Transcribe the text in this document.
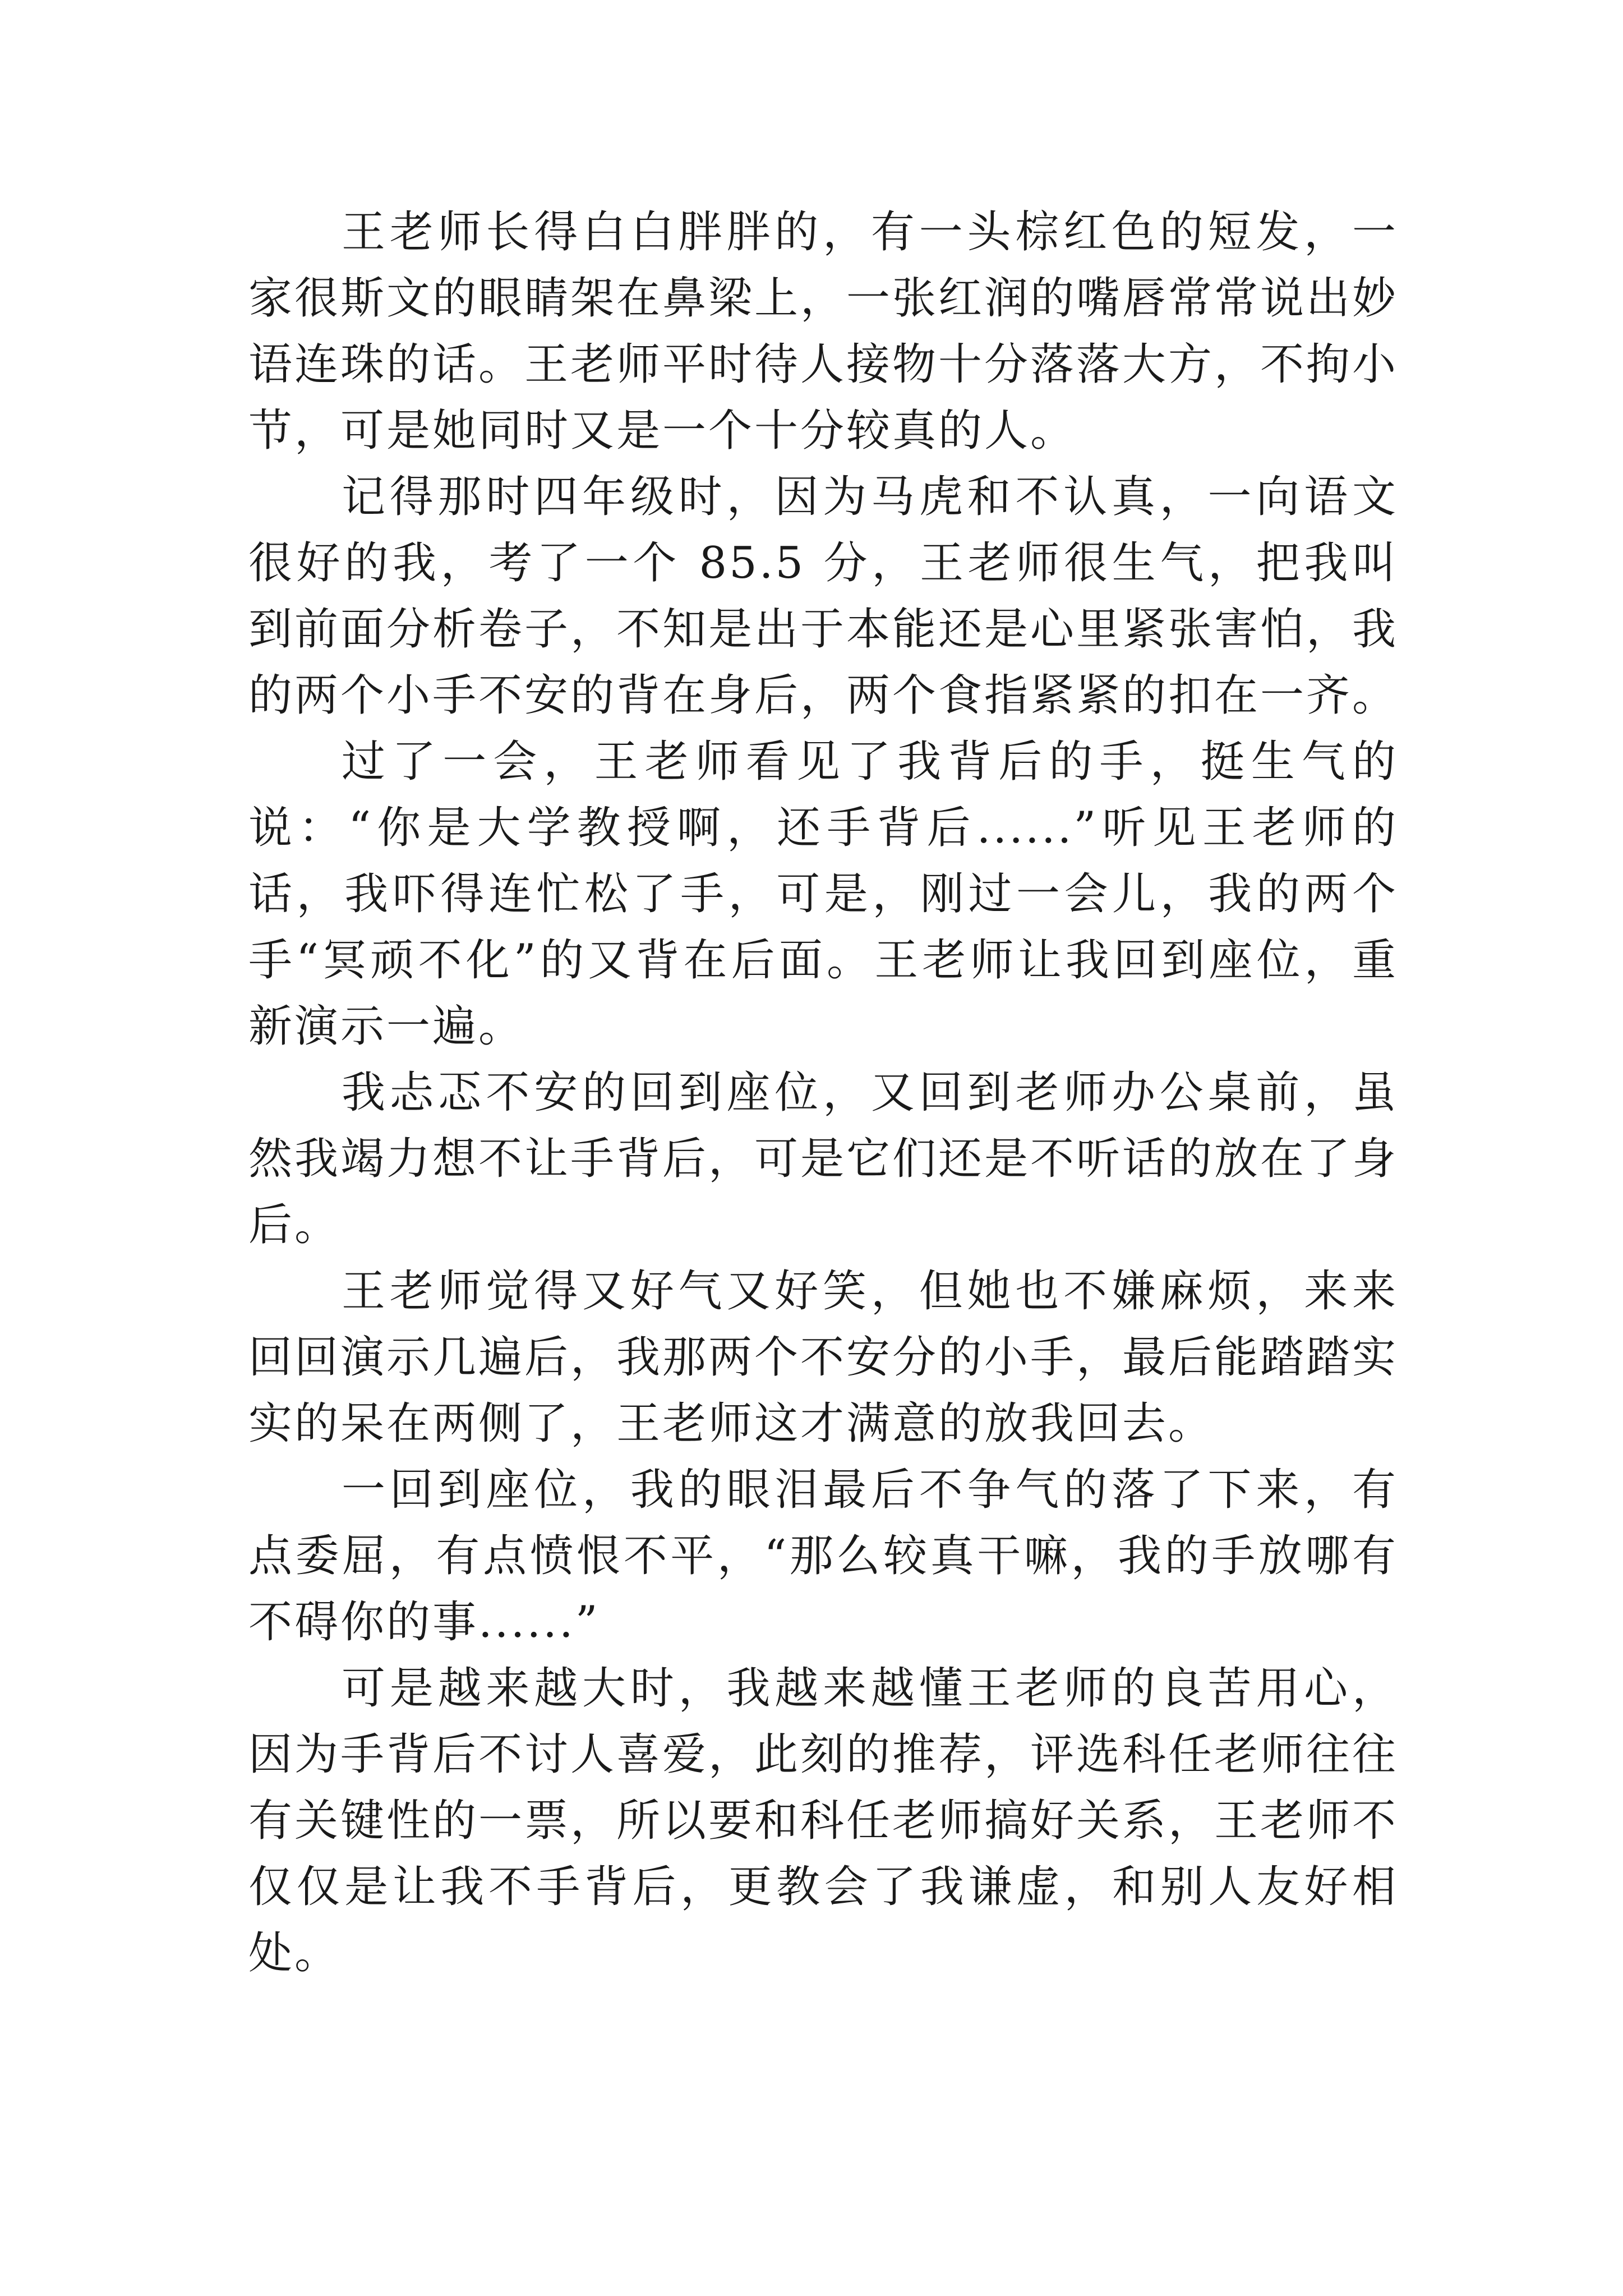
王老师长得白白胖胖的，有一头棕红色的短发，一家很斯文的眼睛架在鼻梁上，一张红润的嘴唇常常说出妙语连珠的话。王老师平时待人接物十分落落大方，不拘小节，可是她同时又是一个十分较真的人。

记得那时四年级时，因为马虎和不认真，一向语文很好的我，考了一个 85.5 分，王老师很生气，把我叫到前面分析卷子，不知是出于本能还是心里紧张害怕，我的两个小手不安的背在身后，两个食指紧紧的扣在一齐。

过了一会，王老师看见了我背后的手，挺生气的说：“你是大学教授啊，还手背后......”听见王老师的话，我吓得连忙松了手，可是，刚过一会儿，我的两个手“冥顽不化”的又背在后面。王老师让我回到座位，重新演示一遍。

我忐忑不安的回到座位，又回到老师办公桌前，虽然我竭力想不让手背后，可是它们还是不听话的放在了身后。

王老师觉得又好气又好笑，但她也不嫌麻烦，来来回回演示几遍后，我那两个不安分的小手，最后能踏踏实实的呆在两侧了，王老师这才满意的放我回去。

一回到座位，我的眼泪最后不争气的落了下来，有点委屈，有点愤恨不平，“那么较真干嘛，我的手放哪有不碍你的事......”

可是越来越大时，我越来越懂王老师的良苦用心，因为手背后不讨人喜爱，此刻的推荐，评选科任老师往往有关键性的一票，所以要和科任老师搞好关系，王老师不仅仅是让我不手背后，更教会了我谦虚，和别人友好相处。
